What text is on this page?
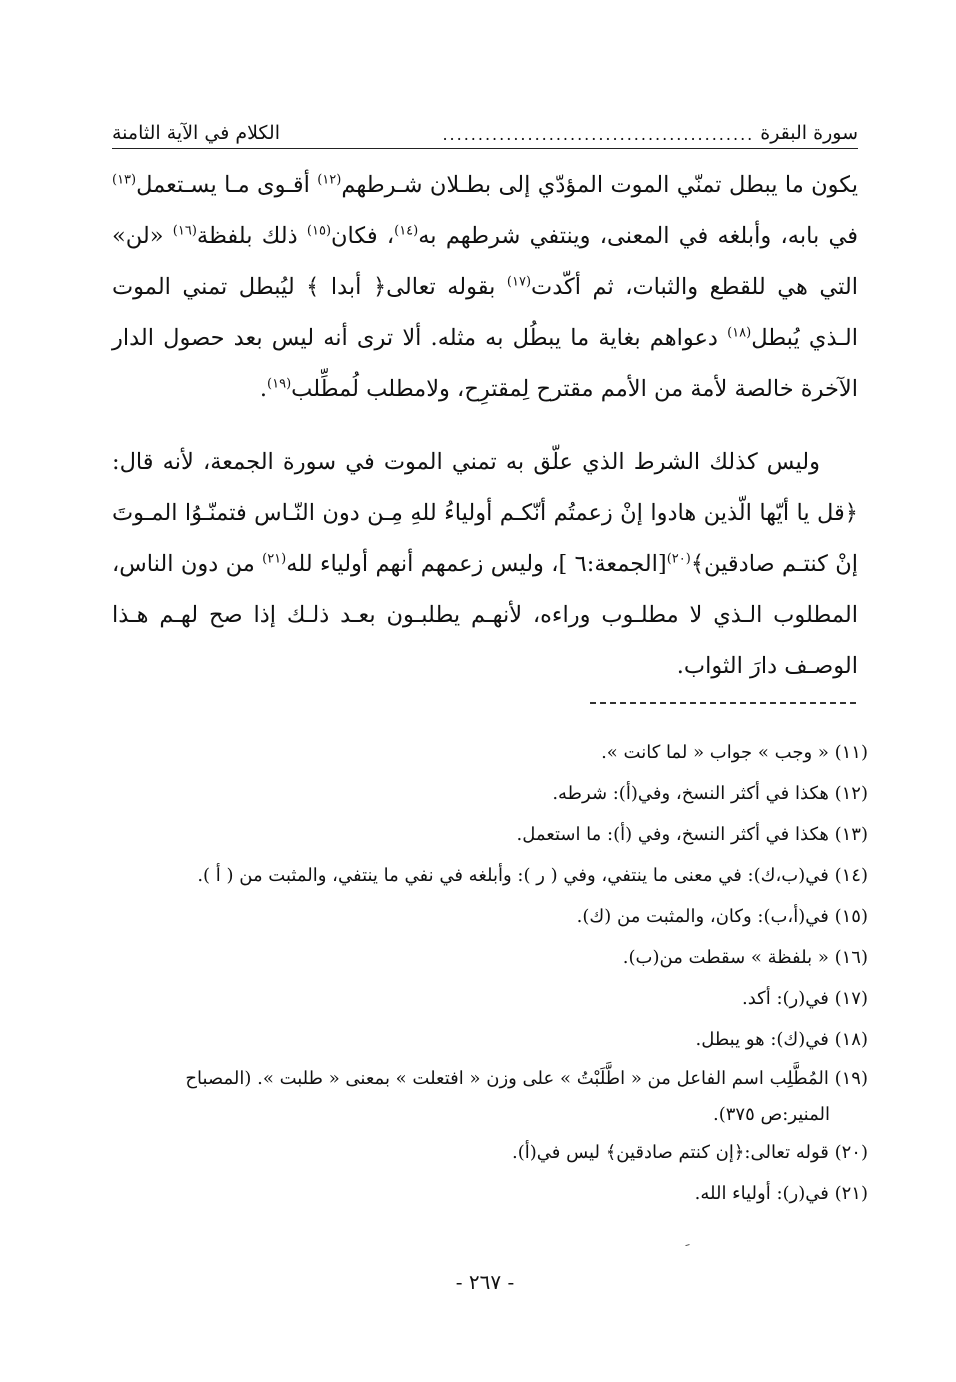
سورة البقرة
............................................
الكلام في الآية الثامنة

يكون ما يبطل تمنّي الموت المؤدّي إلى بطـلان شـرطهم$^{(١٢)}$ أقـوى مـا يسـتعمل$^{(١٣)}$ في بابه، وأبلغه في المعنى، وينتفي شرطهم به$^{(١٤)}$، فكان$^{(١٥)}$ ذلك بلفظة$^{(١٦)}$ «لن» التي هي للقطع والثبات، ثم أكّدت$^{(١٧)}$ بقوله تعالى﴿ أبدا ﴾ ليُبطل تمني الموت الـذي يُبطل$^{(١٨)}$ دعواهم بغاية ما يبطُل به مثله. ألا ترى أنه ليس بعد حصول الدار الآخرة خالصة لأمة من الأمم مقترح لِمقترِح، ولامطلب لُمطِّلب$^{(١٩)}$.

وليس كذلك الشرط الذي علّق به تمني الموت في سورة الجمعة، لأنه قال:﴿قل يا أيّها الّذين هادوا إنْ زعمتُم أنّكـم أولياءُ للهِ مِـن دون النّـاس فتمنّـوُا المـوتَ إنْ كنتـم صادقين﴾$^{(٢٠)}$[الجمعة:٦ ]، وليس زعمهم أنهم أولياء لله$^{(٢١)}$ من دون الناس، المطلوب الـذي لا مطلـوب وراءه، لأنهـم يطلبـون بعـد ذلـك إذا صح لهـم هـذا الوصـف دارَ الثواب.

(١١) « وجب » جواب « لما كانت ».
(١٢) هكذا في أكثر النسخ، وفي(أ): شرطه.
(١٣) هكذا في أكثر النسخ، وفي (أ): ما استعمل.
(١٤) في(ب،ك): في معنى ما ينتفي، وفي ( ر ): وأبلغه في نفي ما ينتفي، والمثبت من ( أ ).
(١٥) في(أ،ب): وكان، والمثبت من (ك).
(١٦) « بلفظة » سقطت من(ب).
(١٧) في(ر): أكد.
(١٨) في(ك): هو يبطل.
(١٩) المُطَّلِب اسم الفاعل من « اطَّلَبْتُ » على وزن « افتعلت » بمعنى « طلبت ». (المصباح
المنير:ص ٣٧٥).
(٢٠) قوله تعالى:﴿إن كنتم صادقين﴾ ليس في(أ).
(٢١) في(ر): أولياء الله.
- ٢٦٧ -
